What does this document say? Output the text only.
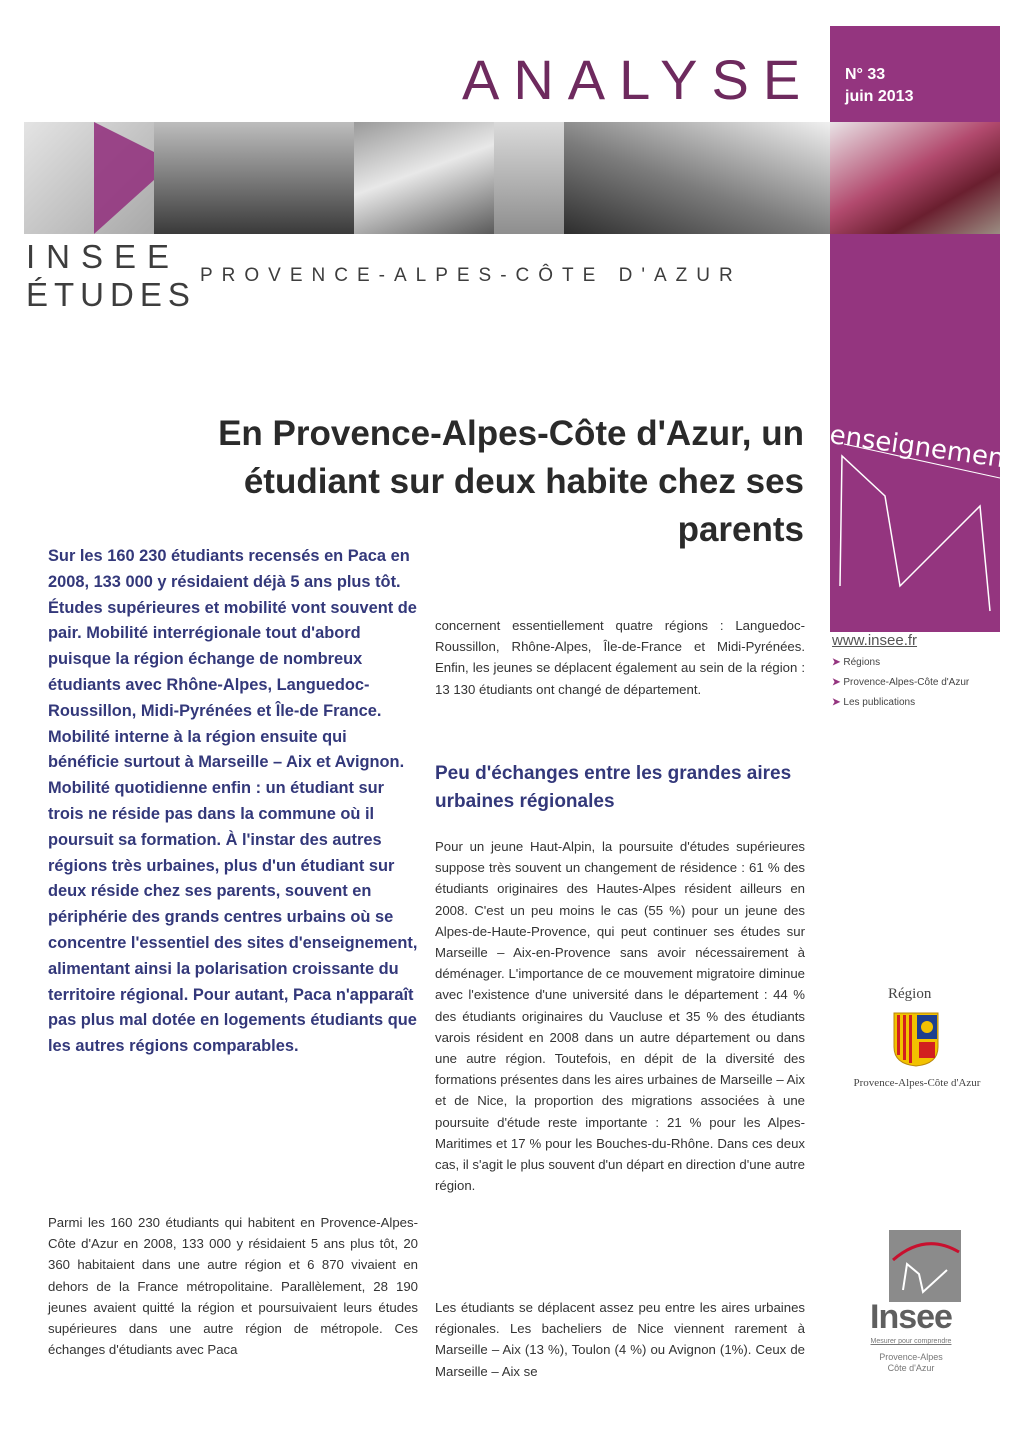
ANALYSE N° 33
juin 2013
INSEE
ÉTUDES
PROVENCE-ALPES-CÔTE D'AZUR
enseignement
En Provence-Alpes-Côte d'Azur, un étudiant sur deux habite chez ses parents
Sur les 160 230 étudiants recensés en Paca en 2008, 133 000 y résidaient déjà 5 ans plus tôt. Études supérieures et mobilité vont souvent de pair. Mobilité interrégionale tout d'abord puisque la région échange de nombreux étudiants avec Rhône-Alpes, Languedoc-Roussillon, Midi-Pyrénées et Île-de France. Mobilité interne à la région ensuite qui bénéficie surtout à Marseille – Aix et Avignon. Mobilité quotidienne enfin : un étudiant sur trois ne réside pas dans la commune où il poursuit sa formation. À l'instar des autres régions très urbaines, plus d'un étudiant sur deux réside chez ses parents, souvent en périphérie des grands centres urbains où se concentre l'essentiel des sites d'enseignement, alimentant ainsi la polarisation croissante du territoire régional. Pour autant, Paca n'apparaît pas plus mal dotée en logements étudiants que les autres régions comparables.
Parmi les 160 230 étudiants qui habitent en Provence-Alpes-Côte d'Azur en 2008, 133 000 y résidaient 5 ans plus tôt, 20 360 habitaient dans une autre région et 6 870 vivaient en dehors de la France métropolitaine. Parallèlement, 28 190 jeunes avaient quitté la région et poursuivaient leurs études supérieures dans une autre région de métropole. Ces échanges d'étudiants avec Paca
concernent essentiellement quatre régions : Languedoc-Roussillon, Rhône-Alpes, Île-de-France et Midi-Pyrénées. Enfin, les jeunes se déplacent également au sein de la région : 13 130 étudiants ont changé de département.
Peu d'échanges entre les grandes aires urbaines régionales
Pour un jeune Haut-Alpin, la poursuite d'études supérieures suppose très souvent un changement de résidence : 61 % des étudiants originaires des Hautes-Alpes résident ailleurs en 2008. C'est un peu moins le cas (55 %) pour un jeune des Alpes-de-Haute-Provence, qui peut continuer ses études sur Marseille – Aix-en-Provence sans avoir nécessairement à déménager. L'importance de ce mouvement migratoire diminue avec l'existence d'une université dans le département : 44 % des étudiants originaires du Vaucluse et 35 % des étudiants varois résident en 2008 dans un autre département ou dans une autre région. Toutefois, en dépit de la diversité des formations présentes dans les aires urbaines de Marseille – Aix et de Nice, la proportion des migrations associées à une poursuite d'étude reste importante : 21 % pour les Alpes-Maritimes et 17 % pour les Bouches-du-Rhône. Dans ces deux cas, il s'agit le plus souvent d'un départ en direction d'une autre région.
Les étudiants se déplacent assez peu entre les aires urbaines régionales. Les bacheliers de Nice viennent rarement à Marseille – Aix (13 %), Toulon (4 %) ou Avignon (1%). Ceux de Marseille – Aix se
www.insee.fr
➤ Régions
➤ Provence-Alpes-Côte d'Azur
➤ Les publications
Région
Provence-Alpes-Côte d'Azur
Insee
Mesurer pour comprendre
Provence-Alpes
Côte d'Azur
